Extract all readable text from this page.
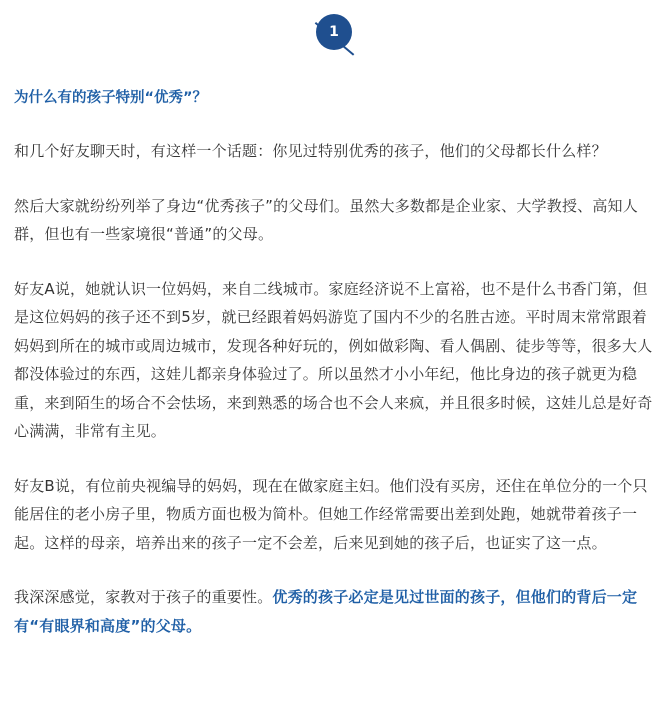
1
为什么有的孩子特别“优秀”？

和几个好友聊天时，有这样一个话题：你见过特别优秀的孩子，他们的父母都长什么样？

然后大家就纷纷列举了身边“优秀孩子”的父母们。虽然大多数都是企业家、大学教授、高知人群，但也有一些家境很“普通”的父母。

好友A说，她就认识一位妈妈，来自二线城市。家庭经济说不上富裕，也不是什么书香门第，但是这位妈妈的孩子还不到5岁，就已经跟着妈妈游览了国内不少的名胜古迹。平时周末常常跟着妈妈到所在的城市或周边城市，发现各种好玩的，例如做彩陶、看人偶剧、徒步等等，很多大人都没体验过的东西，这娃儿都亲身体验过了。所以虽然才小小年纪，他比身边的孩子就更为稳重，来到陌生的场合不会怯场，来到熟悉的场合也不会人来疯，并且很多时候，这娃儿总是好奇心满满，非常有主见。

好友B说，有位前央视编导的妈妈，现在在做家庭主妇。他们没有买房，还住在单位分的一个只能居住的老小房子里，物质方面也极为简朴。但她工作经常需要出差到处跑，她就带着孩子一起。这样的母亲，培养出来的孩子一定不会差，后来见到她的孩子后，也证实了这一点。

我深深感觉，家教对于孩子的重要性。优秀的孩子必定是见过世面的孩子，但他们的背后一定有“有眼界和高度”的父母。
